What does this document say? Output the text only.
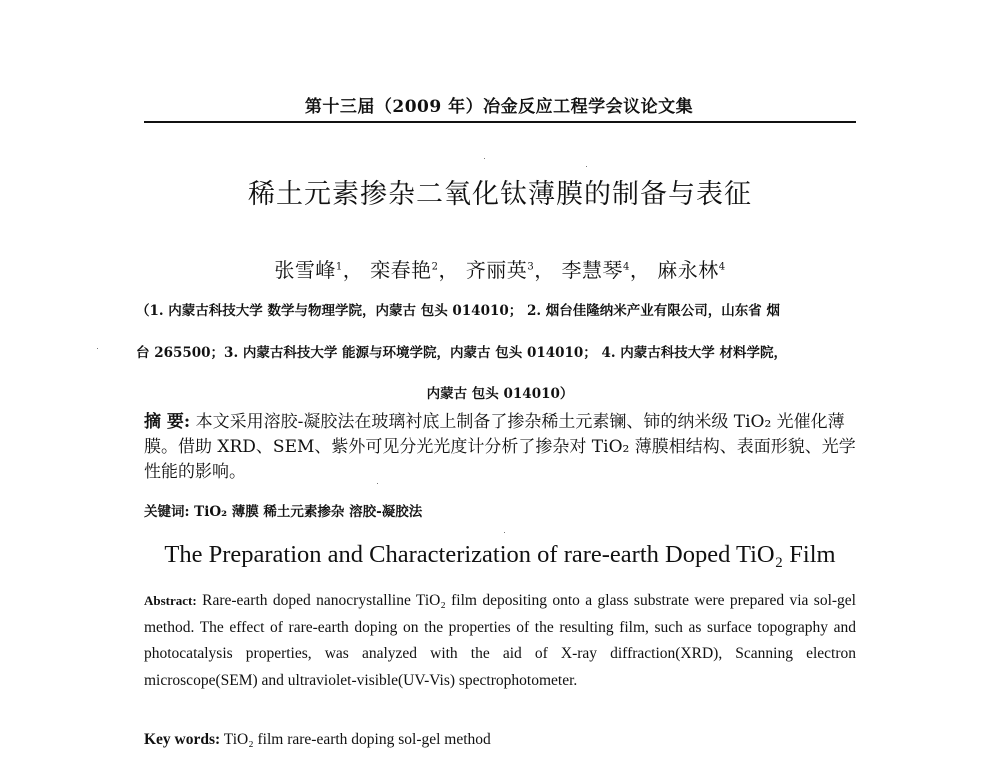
第十三届（2009 年）冶金反应工程学会议论文集
稀土元素掺杂二氧化钛薄膜的制备与表征
张雪峰$^1$， 栾春艳$^2$， 齐丽英$^3$， 李慧琴$^4$， 麻永林$^4$
（1. 内蒙古科技大学 数学与物理学院，内蒙古 包头 014010； 2. 烟台佳隆纳米产业有限公司，山东省 烟
台 265500；3. 内蒙古科技大学 能源与环境学院，内蒙古 包头 014010； 4. 内蒙古科技大学 材料学院，
内蒙古 包头 014010）
摘 要: 本文采用溶胶-凝胶法在玻璃衬底上制备了掺杂稀土元素镧、铈的纳米级 TiO₂ 光催化薄膜。借助 XRD、SEM、紫外可见分光光度计分析了掺杂对 TiO₂ 薄膜相结构、表面形貌、光学性能的影响。
关键词: TiO₂ 薄膜 稀土元素掺杂 溶胶-凝胶法
The Preparation and Characterization of rare-earth Doped TiO₂ Film
Abstract: Rare-earth doped nanocrystalline TiO₂ film depositing onto a glass substrate were prepared via sol-gel method. The effect of rare-earth doping on the properties of the resulting film, such as surface topography and photocatalysis properties, was analyzed with the aid of X-ray diffraction(XRD), Scanning electron microscope(SEM) and ultraviolet-visible(UV-Vis) spectrophotometer.
Key words: TiO₂ film rare-earth doping sol-gel method
